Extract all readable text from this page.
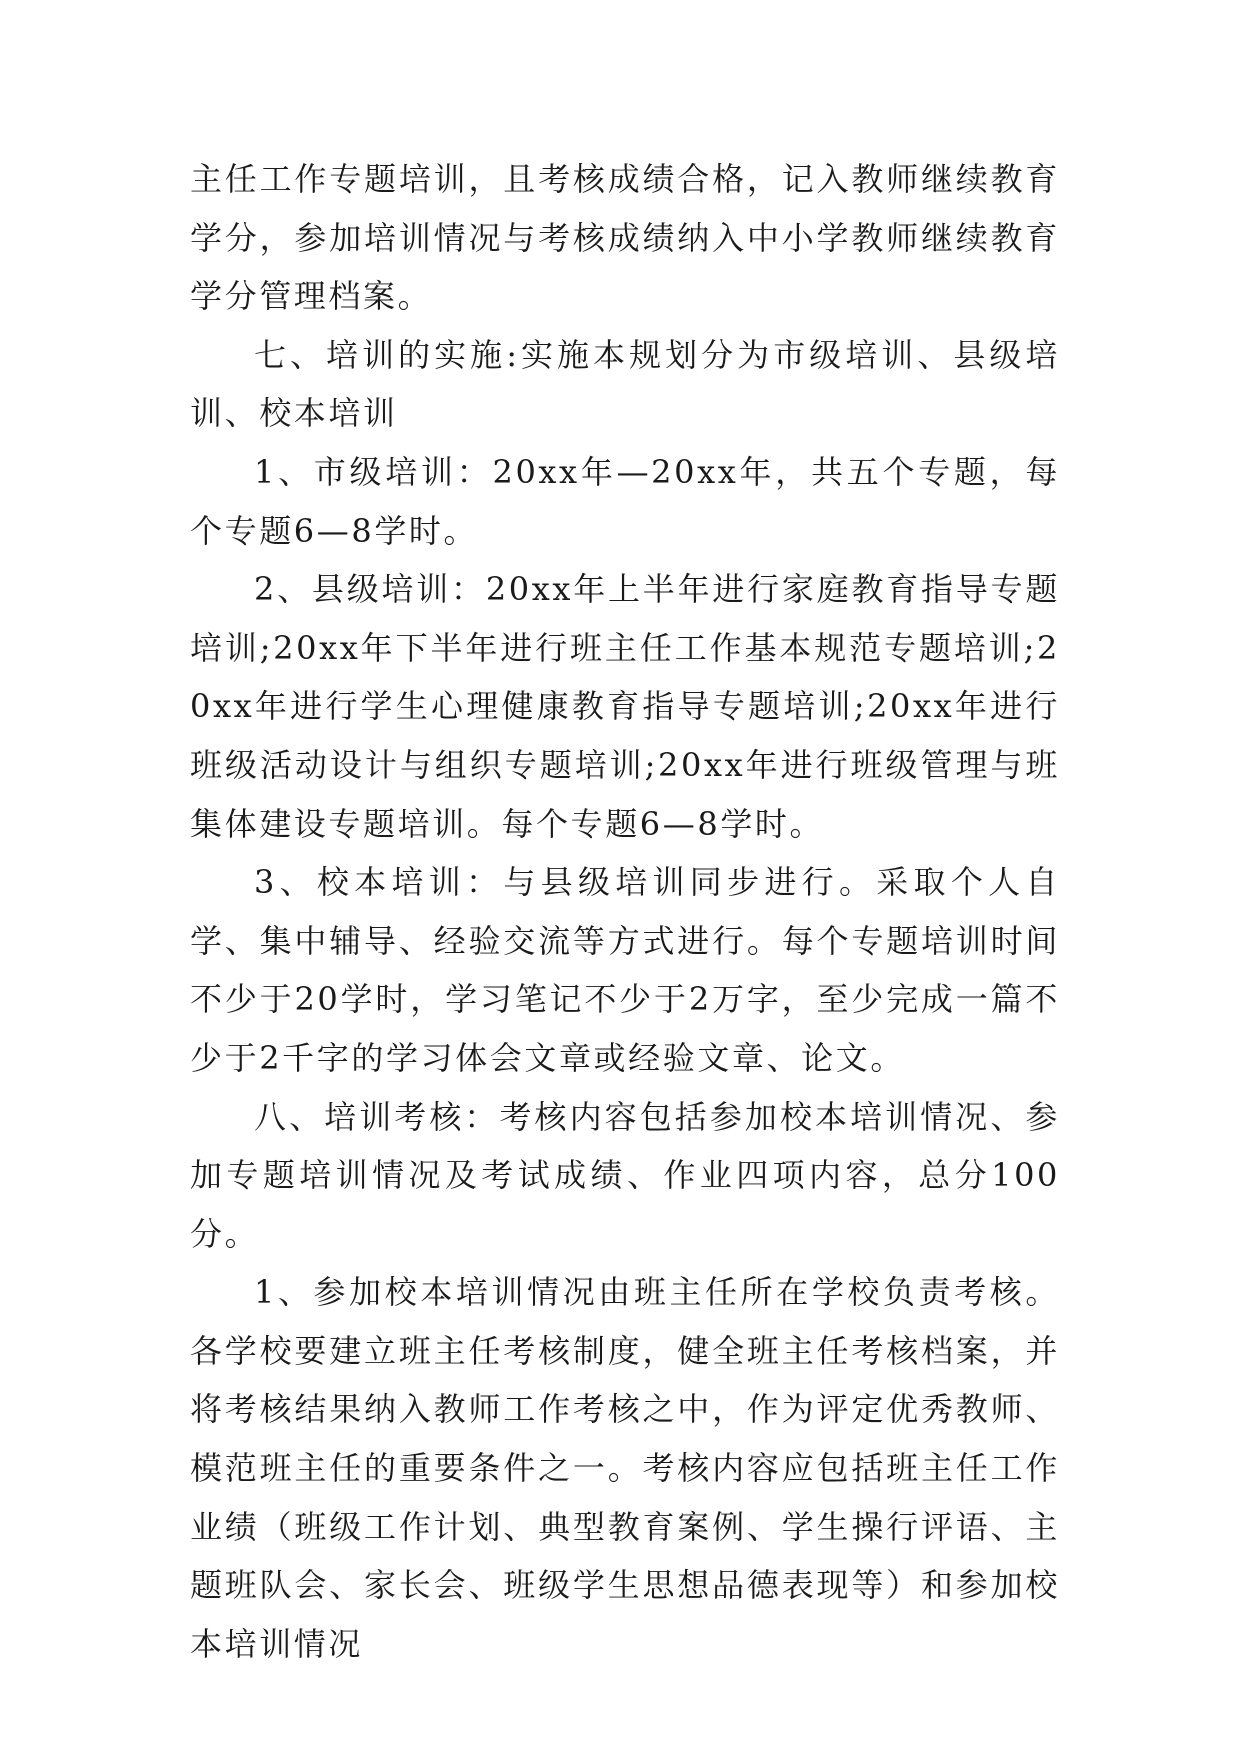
主任工作专题培训，且考核成绩合格，记入教师继续教育学分，参加培训情况与考核成绩纳入中小学教师继续教育学分管理档案。

七、培训的实施:实施本规划分为市级培训、县级培训、校本培训

1、市级培训：20xx年—20xx年，共五个专题，每个专题6—8学时。

2、县级培训：20xx年上半年进行家庭教育指导专题培训;20xx年下半年进行班主任工作基本规范专题培训;20xx年进行学生心理健康教育指导专题培训;20xx年进行班级活动设计与组织专题培训;20xx年进行班级管理与班集体建设专题培训。每个专题6—8学时。

3、校本培训：与县级培训同步进行。采取个人自学、集中辅导、经验交流等方式进行。每个专题培训时间不少于20学时，学习笔记不少于2万字，至少完成一篇不少于2千字的学习体会文章或经验文章、论文。

八、培训考核：考核内容包括参加校本培训情况、参加专题培训情况及考试成绩、作业四项内容，总分100分。

1、参加校本培训情况由班主任所在学校负责考核。各学校要建立班主任考核制度，健全班主任考核档案，并将考核结果纳入教师工作考核之中，作为评定优秀教师、模范班主任的重要条件之一。考核内容应包括班主任工作业绩（班级工作计划、典型教育案例、学生操行评语、主题班队会、家长会、班级学生思想品德表现等）和参加校本培训情况
